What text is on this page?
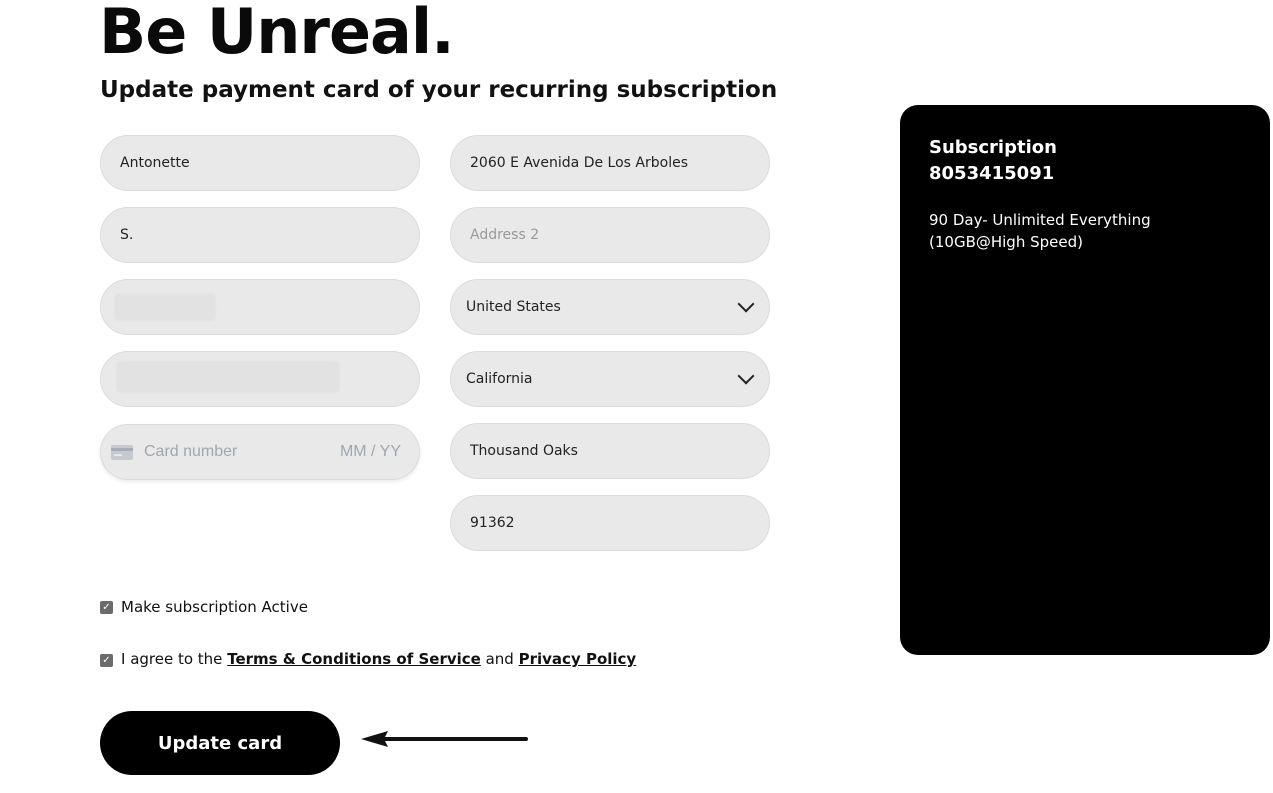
Be Unreal.
Update payment card of your recurring subscription
Antonette
S.
Card number	MM / YY
2060 E Avenida De Los Arboles
Address 2
United States
California
Thousand Oaks
91362
✓ Make subscription Active
✓ I agree to the Terms & Conditions of Service and Privacy Policy
Update card

Subscription
8053415091

90 Day- Unlimited Everything (10GB@High Speed)
